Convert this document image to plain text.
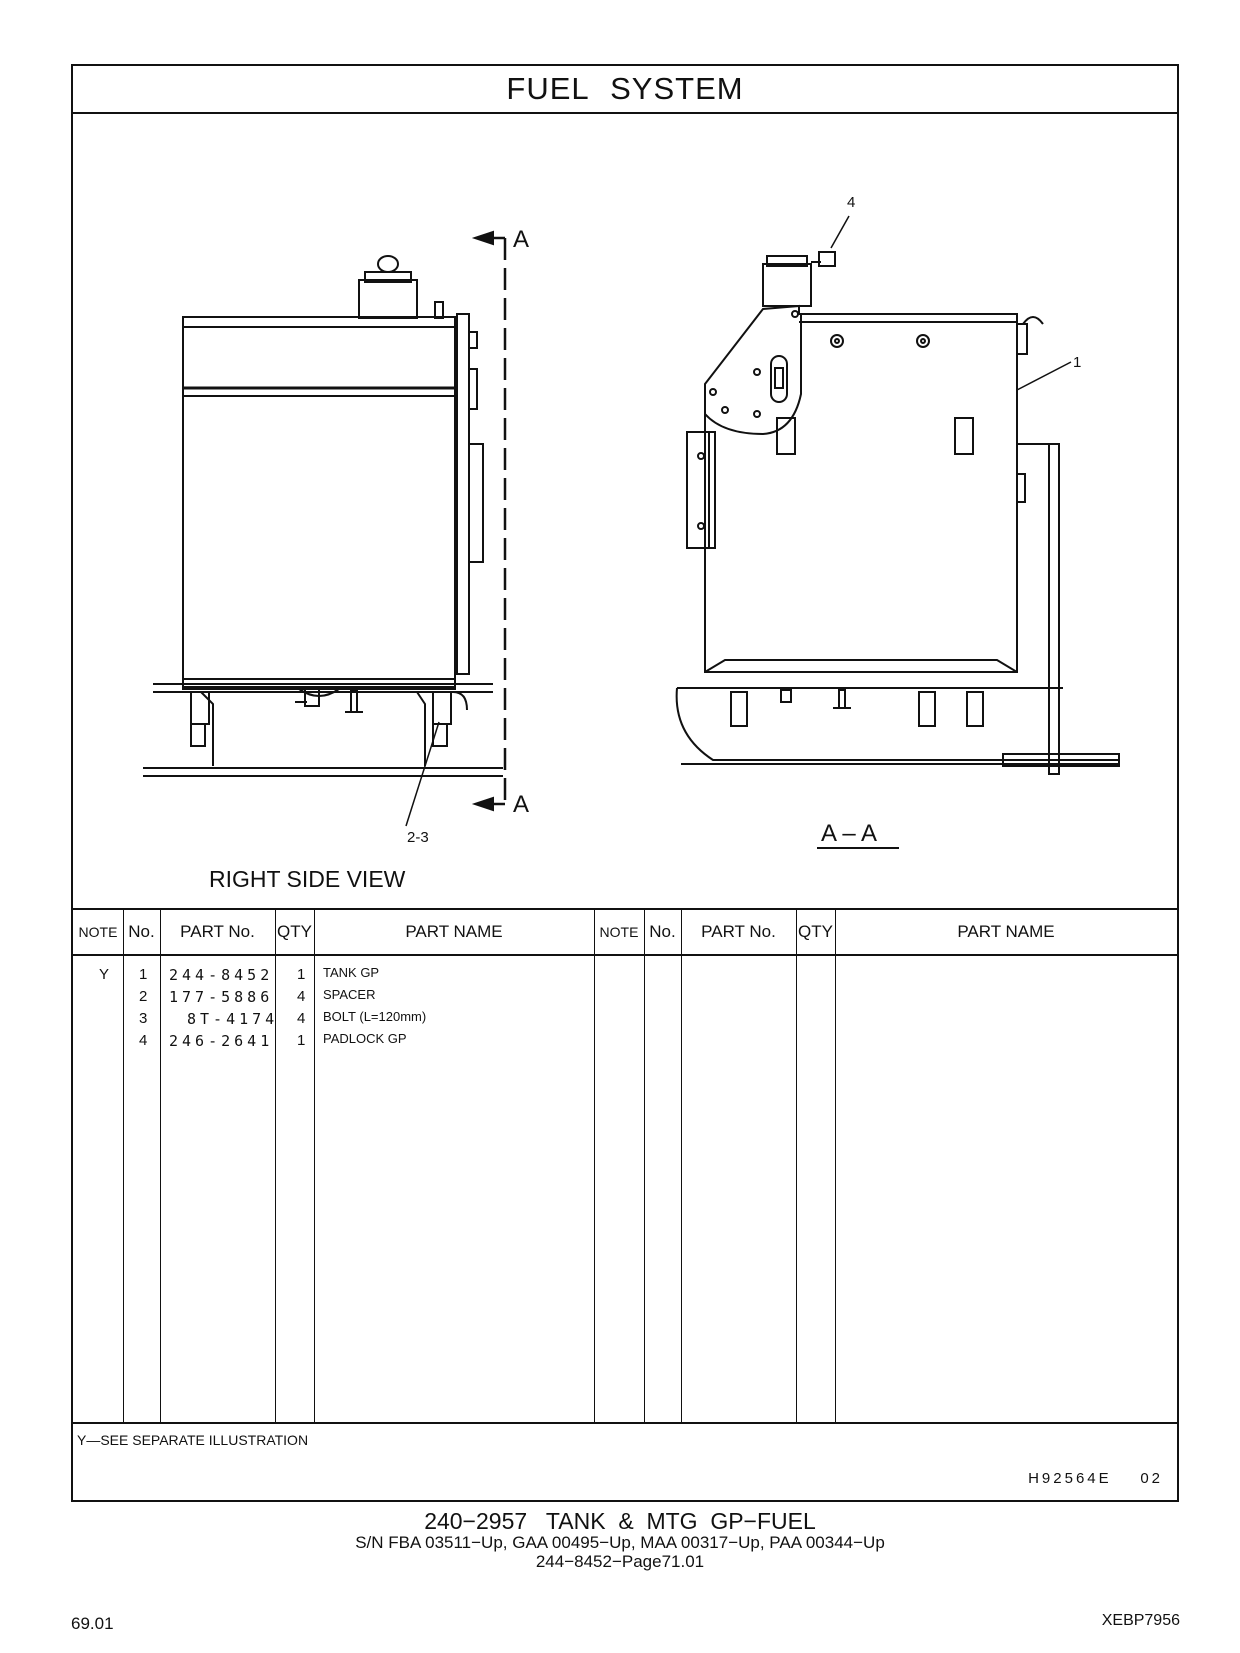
FUEL SYSTEM
A
A
2-3
4
1
A – A
RIGHT SIDE VIEW
NOTE No.	PART No.	QTY	PART NAME	NOTE No.	PART No.	QTY	PART NAME
Y 1 244-8452 1 TANK GP
2 177-5886 4 SPACER
3	8T-4174 4 BOLT (L=120mm)
4 246-2641 1 PADLOCK GP
Y—SEE SEPARATE ILLUSTRATION
H92564E    02
240−2957   TANK  &  MTG  GP−FUEL
S/N FBA 03511−Up, GAA 00495−Up, MAA 00317−Up, PAA 00344−Up
244−8452−Page71.01
69.01	XEBP7956
